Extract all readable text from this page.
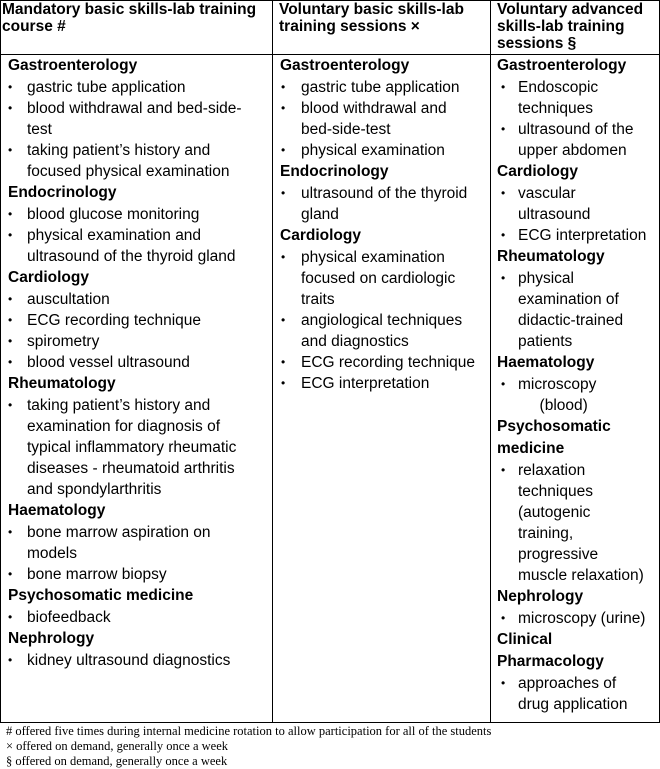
Mandatory basic skills-lab training
course #
Gastroenterology
• gastric tube application
• blood withdrawal and bed-side-
test
• taking patient’s history and
focused physical examination
Endocrinology
• blood glucose monitoring
• physical examination and
ultrasound of the thyroid gland
Cardiology
• auscultation
• ECG recording technique
• spirometry
• blood vessel ultrasound
Rheumatology
• taking patient’s history and
examination for diagnosis of
typical inflammatory rheumatic
diseases - rheumatoid arthritis
and spondylarthritis
Haematology
• bone marrow aspiration on
models
• bone marrow biopsy
Psychosomatic medicine
• biofeedback
Nephrology
• kidney ultrasound diagnostics
Voluntary basic skills-lab
training sessions ×
Gastroenterology
• gastric tube application
• blood withdrawal and
bed-side-test
• physical examination
Endocrinology
• ultrasound of the thyroid
gland
Cardiology
• physical examination
focused on cardiologic
traits
• angiological techniques
and diagnostics
• ECG recording technique
• ECG interpretation
Voluntary advanced
skills-lab training
sessions §
Gastroenterology
• Endoscopic
techniques
• ultrasound of the
upper abdomen
Cardiology
• vascular
ultrasound
• ECG interpretation
Rheumatology
• physical
examination of
didactic-trained
patients
Haematology
• microscopy
(blood)
Psychosomatic
medicine
• relaxation
techniques
(autogenic
training,
progressive
muscle relaxation)
Nephrology
• microscopy (urine)
Clinical
Pharmacology
• approaches of
drug application
# offered five times during internal medicine rotation to allow participation for all of the students
× offered on demand, generally once a week
§ offered on demand, generally once a week
